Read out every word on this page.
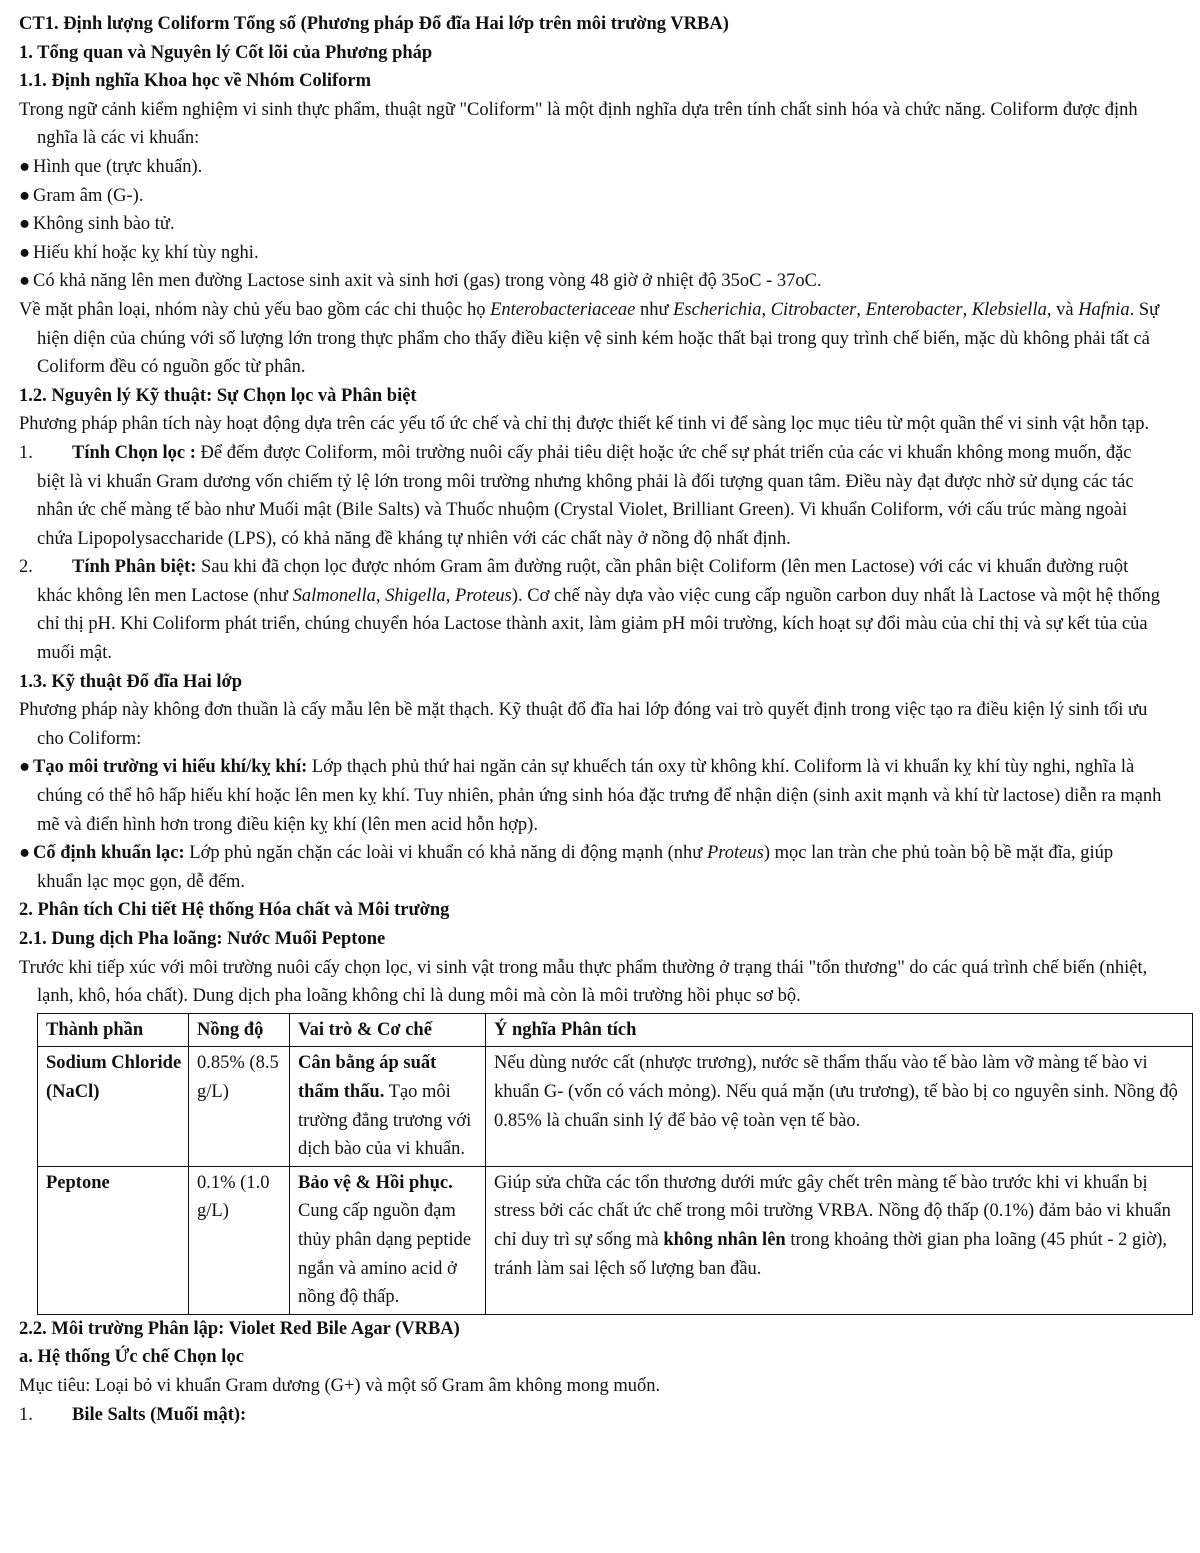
CT1. Định lượng Coliform Tổng số (Phương pháp Đổ đĩa Hai lớp trên môi trường VRBA)

1. Tổng quan và Nguyên lý Cốt lõi của Phương pháp

1.1. Định nghĩa Khoa học về Nhóm Coliform

Trong ngữ cảnh kiểm nghiệm vi sinh thực phẩm, thuật ngữ "Coliform" là một định nghĩa dựa trên tính chất sinh hóa và chức năng. Coliform được định nghĩa là các vi khuẩn:

● Hình que (trực khuẩn).

● Gram âm (G-).

● Không sinh bào tử.

● Hiếu khí hoặc kỵ khí tùy nghi.

● Có khả năng lên men đường Lactose sinh axit và sinh hơi (gas) trong vòng 48 giờ ở nhiệt độ 35oC - 37oC.

Về mặt phân loại, nhóm này chủ yếu bao gồm các chi thuộc họ Enterobacteriaceae như Escherichia, Citrobacter, Enterobacter, Klebsiella, và Hafnia. Sự hiện diện của chúng với số lượng lớn trong thực phẩm cho thấy điều kiện vệ sinh kém hoặc thất bại trong quy trình chế biến, mặc dù không phải tất cả Coliform đều có nguồn gốc từ phân.

1.2. Nguyên lý Kỹ thuật: Sự Chọn lọc và Phân biệt

Phương pháp phân tích này hoạt động dựa trên các yếu tố ức chế và chỉ thị được thiết kế tinh vi để sàng lọc mục tiêu từ một quần thể vi sinh vật hỗn tạp.

1. Tính Chọn lọc : Để đếm được Coliform, môi trường nuôi cấy phải tiêu diệt hoặc ức chế sự phát triển của các vi khuẩn không mong muốn, đặc biệt là vi khuẩn Gram dương vốn chiếm tỷ lệ lớn trong môi trường nhưng không phải là đối tượng quan tâm. Điều này đạt được nhờ sử dụng các tác nhân ức chế màng tế bào như Muối mật (Bile Salts) và Thuốc nhuộm (Crystal Violet, Brilliant Green). Vi khuẩn Coliform, với cấu trúc màng ngoài chứa Lipopolysaccharide (LPS), có khả năng đề kháng tự nhiên với các chất này ở nồng độ nhất định.

2. Tính Phân biệt: Sau khi đã chọn lọc được nhóm Gram âm đường ruột, cần phân biệt Coliform (lên men Lactose) với các vi khuẩn đường ruột khác không lên men Lactose (như Salmonella, Shigella, Proteus). Cơ chế này dựa vào việc cung cấp nguồn carbon duy nhất là Lactose và một hệ thống chỉ thị pH. Khi Coliform phát triển, chúng chuyển hóa Lactose thành axit, làm giảm pH môi trường, kích hoạt sự đổi màu của chỉ thị và sự kết tủa của muối mật.

1.3. Kỹ thuật Đổ đĩa Hai lớp

Phương pháp này không đơn thuần là cấy mẫu lên bề mặt thạch. Kỹ thuật đổ đĩa hai lớp đóng vai trò quyết định trong việc tạo ra điều kiện lý sinh tối ưu cho Coliform:

● Tạo môi trường vi hiếu khí/kỵ khí: Lớp thạch phủ thứ hai ngăn cản sự khuếch tán oxy từ không khí. Coliform là vi khuẩn kỵ khí tùy nghi, nghĩa là chúng có thể hô hấp hiếu khí hoặc lên men kỵ khí. Tuy nhiên, phản ứng sinh hóa đặc trưng để nhận diện (sinh axit mạnh và khí từ lactose) diễn ra mạnh mẽ và điển hình hơn trong điều kiện kỵ khí (lên men acid hỗn hợp).

● Cố định khuẩn lạc: Lớp phủ ngăn chặn các loài vi khuẩn có khả năng di động mạnh (như Proteus) mọc lan tràn che phủ toàn bộ bề mặt đĩa, giúp khuẩn lạc mọc gọn, dễ đếm.

2. Phân tích Chi tiết Hệ thống Hóa chất và Môi trường

2.1. Dung dịch Pha loãng: Nước Muối Peptone

Trước khi tiếp xúc với môi trường nuôi cấy chọn lọc, vi sinh vật trong mẫu thực phẩm thường ở trạng thái "tổn thương" do các quá trình chế biến (nhiệt, lạnh, khô, hóa chất). Dung dịch pha loãng không chỉ là dung môi mà còn là môi trường hồi phục sơ bộ.

Thành phần	Nồng độ	Vai trò & Cơ chế	Ý nghĩa Phân tích
Sodium Chloride (NaCl)	0.85% (8.5 g/L)	Cân bằng áp suất thẩm thấu. Tạo môi trường đẳng trương với dịch bào của vi khuẩn.	Nếu dùng nước cất (nhược trương), nước sẽ thẩm thấu vào tế bào làm vỡ màng tế bào vi khuẩn G- (vốn có vách mỏng). Nếu quá mặn (ưu trương), tế bào bị co nguyên sinh. Nồng độ 0.85% là chuẩn sinh lý để bảo vệ toàn vẹn tế bào.
Peptone	0.1% (1.0 g/L)	Bảo vệ & Hồi phục. Cung cấp nguồn đạm thủy phân dạng peptide ngắn và amino acid ở nồng độ thấp.	Giúp sửa chữa các tổn thương dưới mức gây chết trên màng tế bào trước khi vi khuẩn bị stress bởi các chất ức chế trong môi trường VRBA. Nồng độ thấp (0.1%) đảm bảo vi khuẩn chỉ duy trì sự sống mà không nhân lên trong khoảng thời gian pha loãng (45 phút - 2 giờ), tránh làm sai lệch số lượng ban đầu.

2.2. Môi trường Phân lập: Violet Red Bile Agar (VRBA)

a. Hệ thống Ức chế Chọn lọc

Mục tiêu: Loại bỏ vi khuẩn Gram dương (G+) và một số Gram âm không mong muốn.

1. Bile Salts (Muối mật):
